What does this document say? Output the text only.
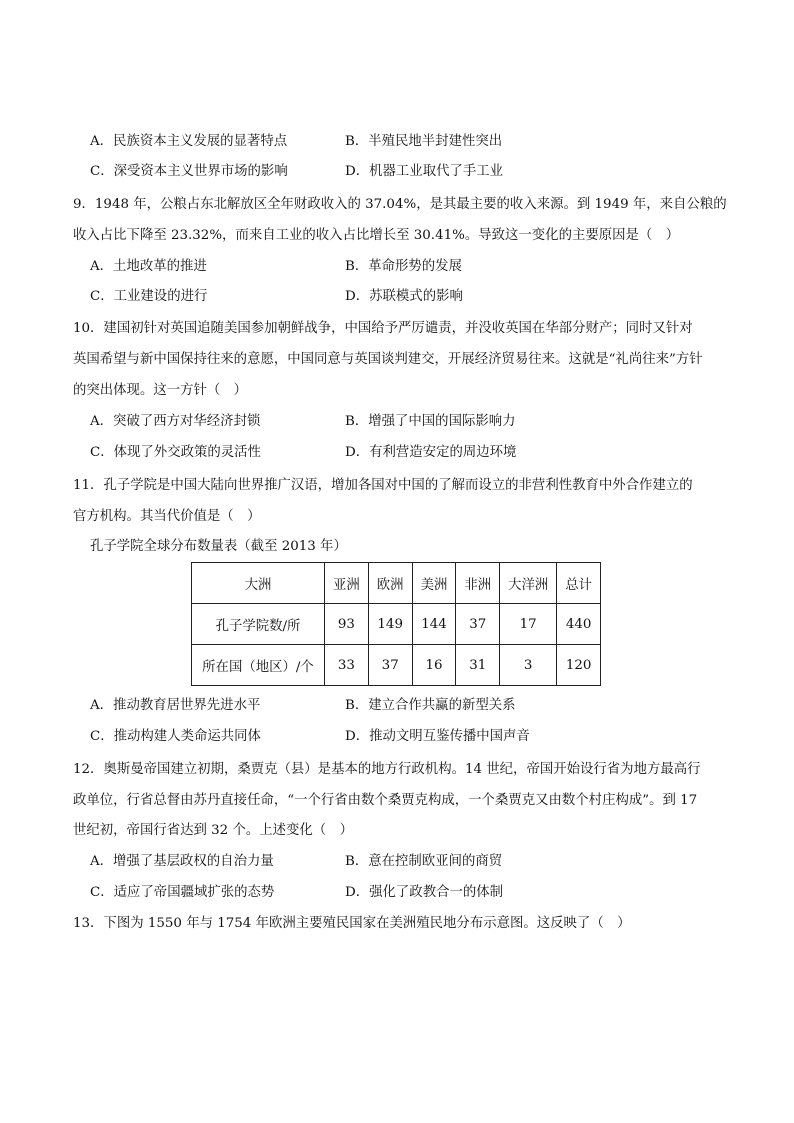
A．民族资本主义发展的显著特点	B．半殖民地半封建性突出
C．深受资本主义世界市场的影响	D．机器工业取代了手工业
9．1948 年，公粮占东北解放区全年财政收入的 37.04%，是其最主要的收入来源。到 1949 年，来自公粮的
收入占比下降至 23.32%，而来自工业的收入占比增长至 30.41%。导致这一变化的主要原因是（　）
A．土地改革的推进	B．革命形势的发展
C．工业建设的进行	D．苏联模式的影响
10．建国初针对英国追随美国参加朝鲜战争，中国给予严厉谴责，并没收英国在华部分财产；同时又针对
英国希望与新中国保持往来的意愿，中国同意与英国谈判建交，开展经济贸易往来。这就是“礼尚往来”方针
的突出体现。这一方针（　）
A．突破了西方对华经济封锁	B．增强了中国的国际影响力
C．体现了外交政策的灵活性	D．有利营造安定的周边环境
11．孔子学院是中国大陆向世界推广汉语，增加各国对中国的了解而设立的非营利性教育中外合作建立的
官方机构。其当代价值是（　）
孔子学院全球分布数量表（截至 2013 年）
大洲	亚洲	欧洲	美洲	非洲	大洋洲	总计
孔子学院数/所	93	149	144	37	17	440
所在国（地区）/个	33	37	16	31	3	120
A．推动教育居世界先进水平	B．建立合作共赢的新型关系
C．推动构建人类命运共同体	D．推动文明互鉴传播中国声音
12．奥斯曼帝国建立初期，桑贾克（县）是基本的地方行政机构。14 世纪，帝国开始设行省为地方最高行
政单位，行省总督由苏丹直接任命，“一个行省由数个桑贾克构成，一个桑贾克又由数个村庄构成”。到 17
世纪初，帝国行省达到 32 个。上述变化（　）
A．增强了基层政权的自治力量	B．意在控制欧亚间的商贸
C．适应了帝国疆域扩张的态势	D．强化了政教合一的体制
13．下图为 1550 年与 1754 年欧洲主要殖民国家在美洲殖民地分布示意图。这反映了（　）
